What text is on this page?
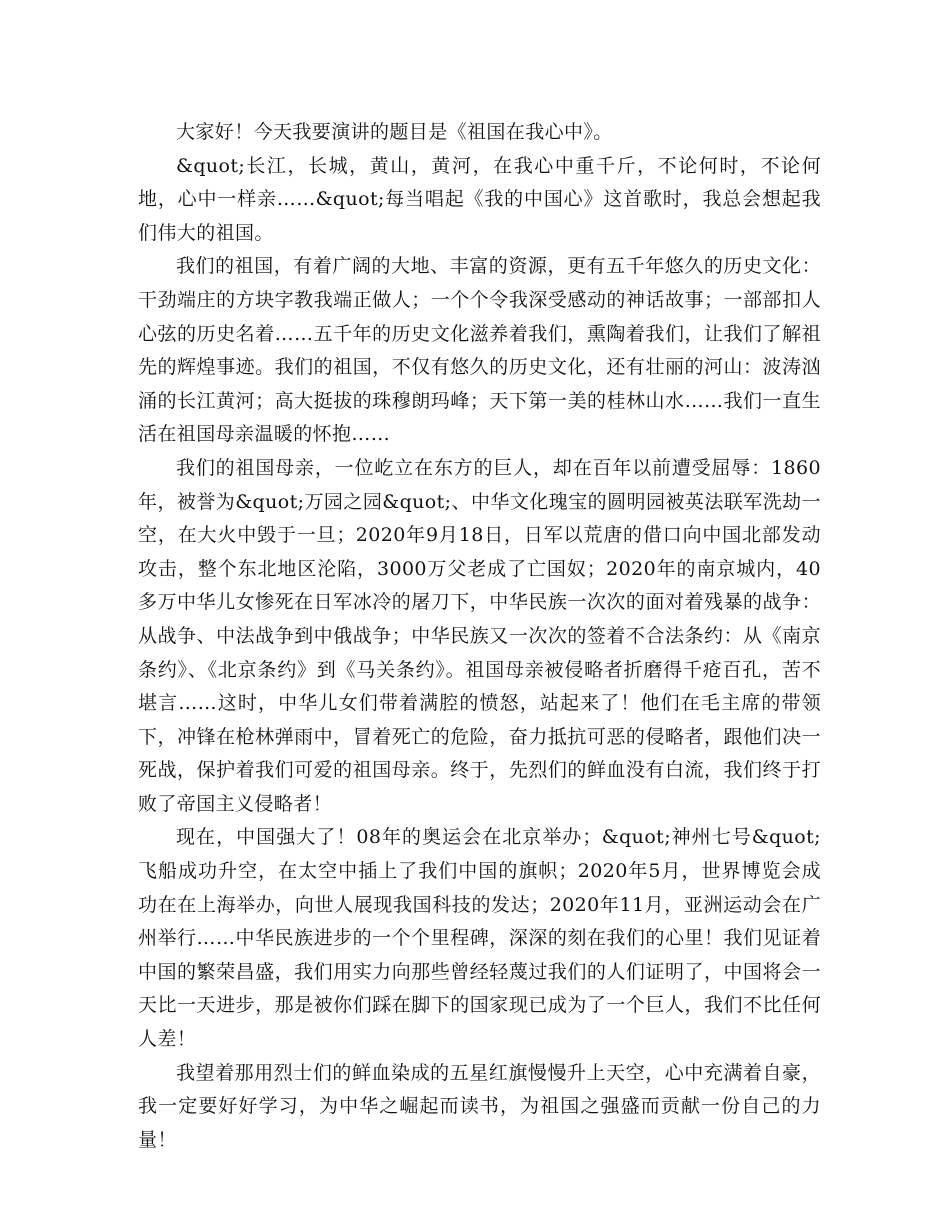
大家好！今天我要演讲的题目是《祖国在我心中》。

&quot;长江，长城，黄山，黄河，在我心中重千斤，不论何时，不论何地，心中一样亲……&quot;每当唱起《我的中国心》这首歌时，我总会想起我们伟大的祖国。

我们的祖国，有着广阔的大地、丰富的资源，更有五千年悠久的历史文化：干劲端庄的方块字教我端正做人；一个个令我深受感动的神话故事；一部部扣人心弦的历史名着……五千年的历史文化滋养着我们，熏陶着我们，让我们了解祖先的辉煌事迹。我们的祖国，不仅有悠久的历史文化，还有壮丽的河山：波涛汹涌的长江黄河；高大挺拔的珠穆朗玛峰；天下第一美的桂林山水……我们一直生活在祖国母亲温暖的怀抱……

我们的祖国母亲，一位屹立在东方的巨人，却在百年以前遭受屈辱：1860年，被誉为&quot;万园之园&quot;、中华文化瑰宝的圆明园被英法联军洗劫一空，在大火中毁于一旦；2020年9月18日，日军以荒唐的借口向中国北部发动攻击，整个东北地区沦陷，3000万父老成了亡国奴；2020年的南京城内，40多万中华儿女惨死在日军冰冷的屠刀下，中华民族一次次的面对着残暴的战争：从战争、中法战争到中俄战争；中华民族又一次次的签着不合法条约：从《南京条约》、《北京条约》到《马关条约》。祖国母亲被侵略者折磨得千疮百孔，苦不堪言……这时，中华儿女们带着满腔的愤怒，站起来了！他们在毛主席的带领下，冲锋在枪林弹雨中，冒着死亡的危险，奋力抵抗可恶的侵略者，跟他们决一死战，保护着我们可爱的祖国母亲。终于，先烈们的鲜血没有白流，我们终于打败了帝国主义侵略者！

现在，中国强大了！08年的奥运会在北京举办；&quot;神州七号&quot;飞船成功升空，在太空中插上了我们中国的旗帜；2020年5月，世界博览会成功在在上海举办，向世人展现我国科技的发达；2020年11月，亚洲运动会在广州举行……中华民族进步的一个个里程碑，深深的刻在我们的心里！我们见证着中国的繁荣昌盛，我们用实力向那些曾经轻蔑过我们的人们证明了，中国将会一天比一天进步，那是被你们踩在脚下的国家现已成为了一个巨人，我们不比任何人差！

我望着那用烈士们的鲜血染成的五星红旗慢慢升上天空，心中充满着自豪，我一定要好好学习，为中华之崛起而读书，为祖国之强盛而贡献一份自己的力量！
